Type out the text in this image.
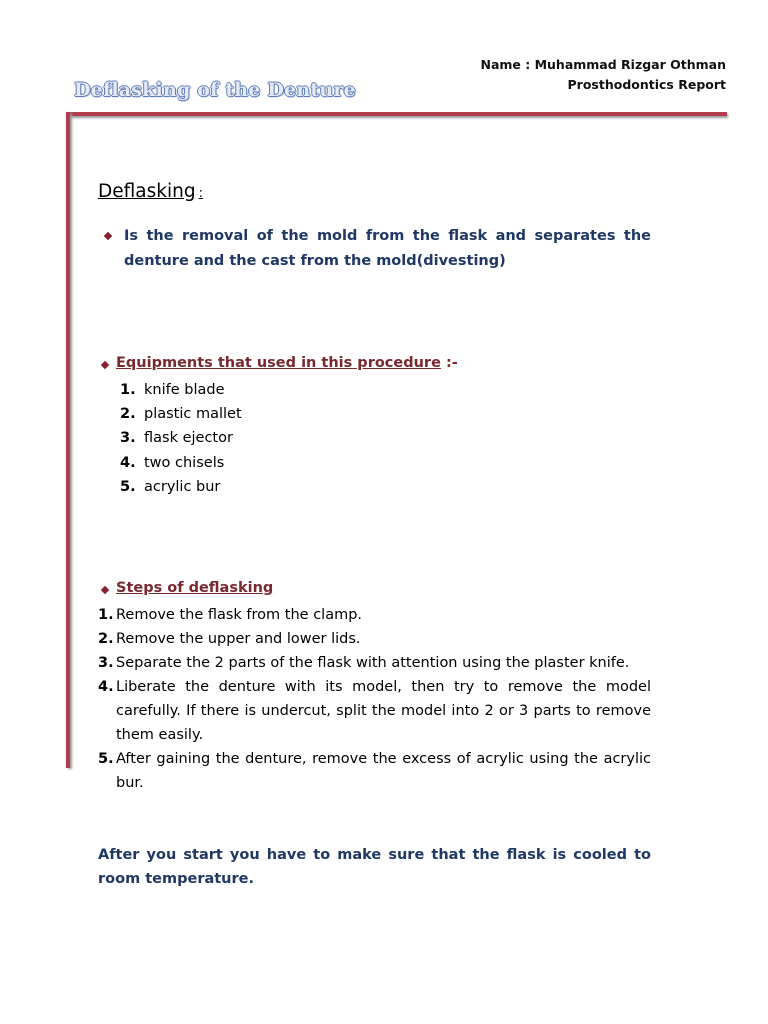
Name : Muhammad Rizgar Othman
Prosthodontics Report
Deflasking of the Denture
Deflasking :
Is the removal of the mold from the flask and separates the denture and the cast from the mold(divesting)
Equipments that used in this procedure :-
1. knife blade
2. plastic mallet
3. flask ejector
4. two chisels
5. acrylic bur
Steps of deflasking
1. Remove the flask from the clamp.
2. Remove the upper and lower lids.
3. Separate the 2 parts of the flask with attention using the plaster knife.
4. Liberate the denture with its model, then try to remove the model carefully. If there is undercut, split the model into 2 or 3 parts to remove them easily.
5. After gaining the denture, remove the excess of acrylic using the acrylic bur.
After you start you have to make sure that the flask is cooled to room temperature.
